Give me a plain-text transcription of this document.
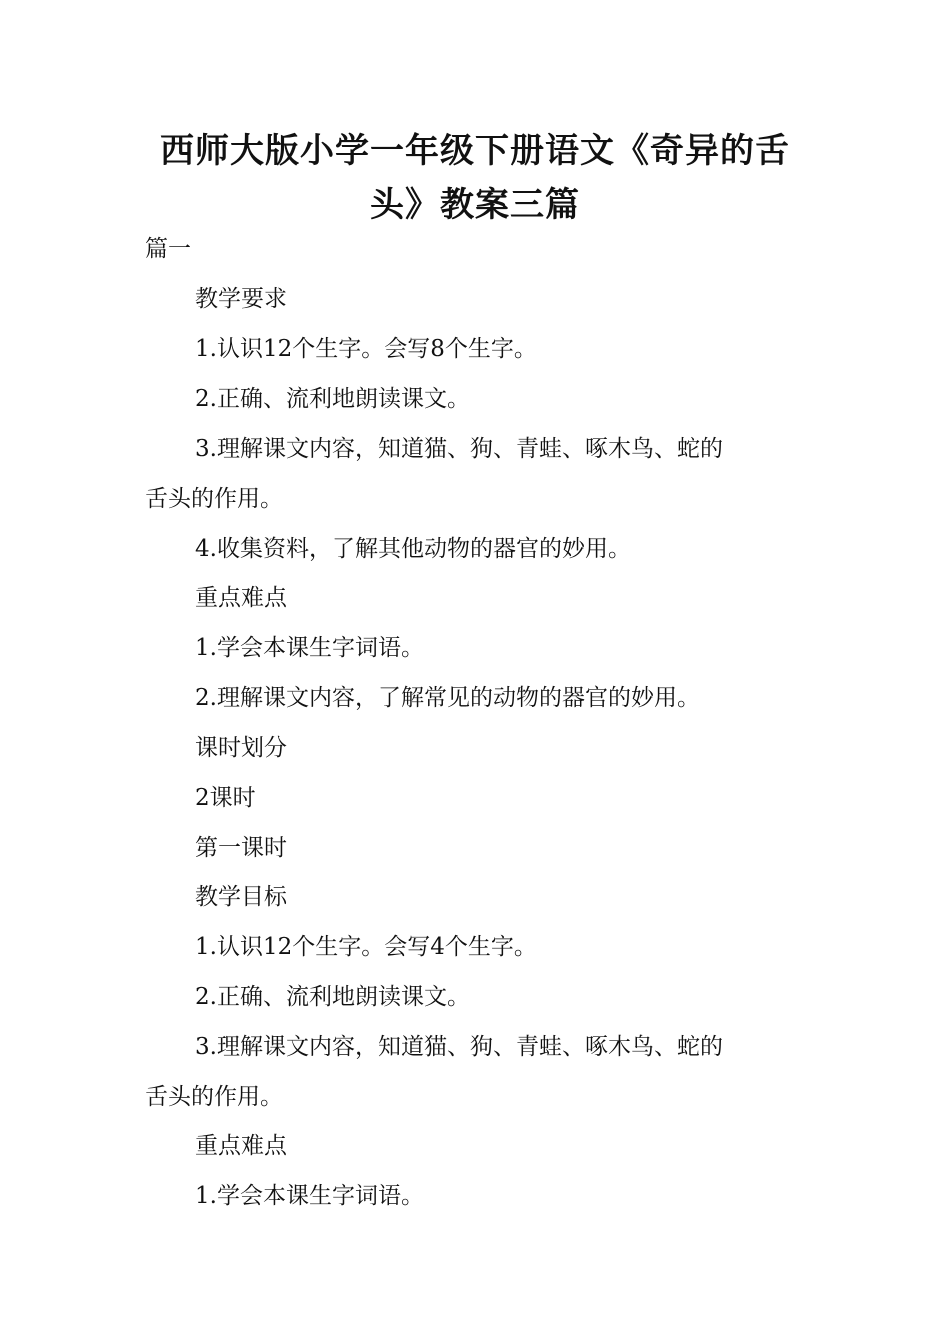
西师大版小学一年级下册语文《奇异的舌
头》教案三篇

篇一

教学要求

1.认识12个生字。会写8个生字。

2.正确、流利地朗读课文。

3.理解课文内容，知道猫、狗、青蛙、啄木鸟、蛇的

舌头的作用。

4.收集资料，了解其他动物的器官的妙用。

重点难点

1.学会本课生字词语。

2.理解课文内容，了解常见的动物的器官的妙用。

课时划分

2课时

第一课时

教学目标

1.认识12个生字。会写4个生字。

2.正确、流利地朗读课文。

3.理解课文内容，知道猫、狗、青蛙、啄木鸟、蛇的

舌头的作用。

重点难点

1.学会本课生字词语。
